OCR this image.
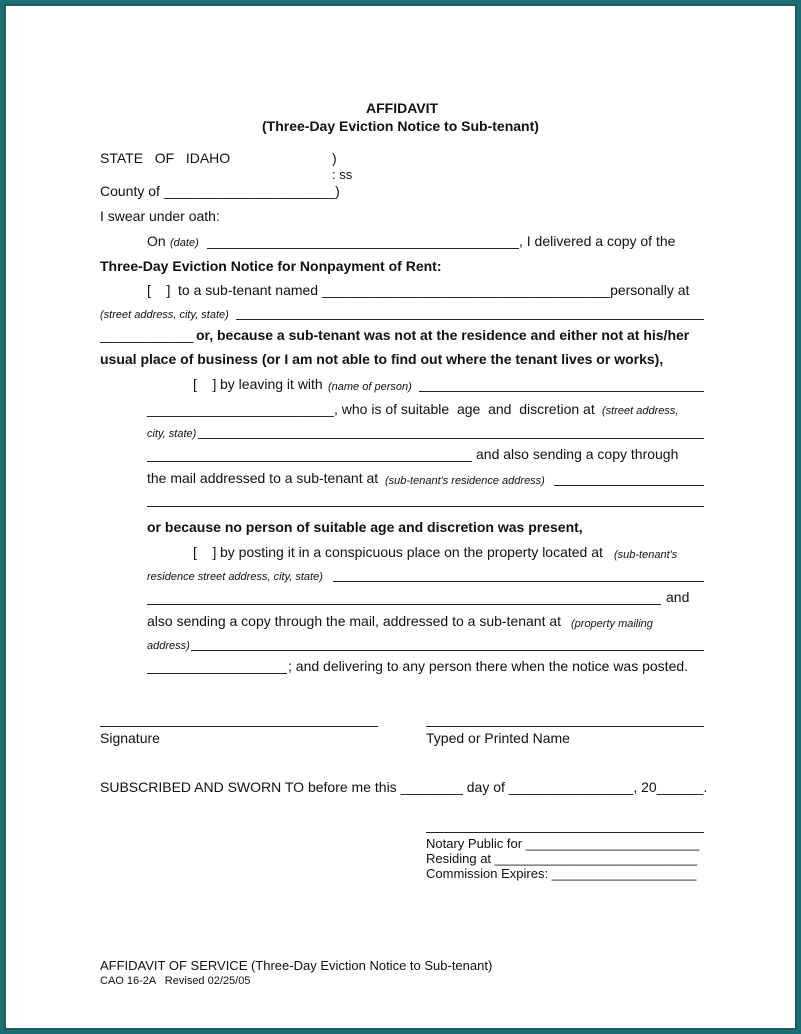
AFFIDAVIT
(Three-Day Eviction Notice to Sub-tenant)
STATE   OF   IDAHO	)
: ss
County of ______________________)
I swear under oath:
On (date)	, I delivered a copy of the
Three-Day Eviction Notice for Nonpayment of Rent:
[    ] to a sub-tenant named _____________________________________personally at
(street address, city, state)
____________ or, because a sub-tenant was not at the residence and either not at his/her
usual place of business (or I am not able to find out where the tenant lives or works),
[    ] by leaving it with (name of person)
________________________ , who is of suitable  age  and  discretion at (street address,
city, state)
and also sending a copy through
the mail addressed to a sub-tenant at (sub-tenant's residence address)
or because no person of suitable age and discretion was present,
[    ] by posting it in a conspicuous place on the property located at (sub-tenant's
residence street address, city, state)
and
also sending a copy through the mail, addressed to a sub-tenant at (property mailing
address)
; and delivering to any person there when the notice was posted.
Signature	Typed or Printed Name
SUBSCRIBED AND SWORN TO before me this ________ day of ________________, 20______.
Notary Public for ________________________
Residing at ____________________________
Commission Expires: ____________________
AFFIDAVIT OF SERVICE (Three-Day Eviction Notice to Sub-tenant)
CAO 16-2A   Revised 02/25/05
